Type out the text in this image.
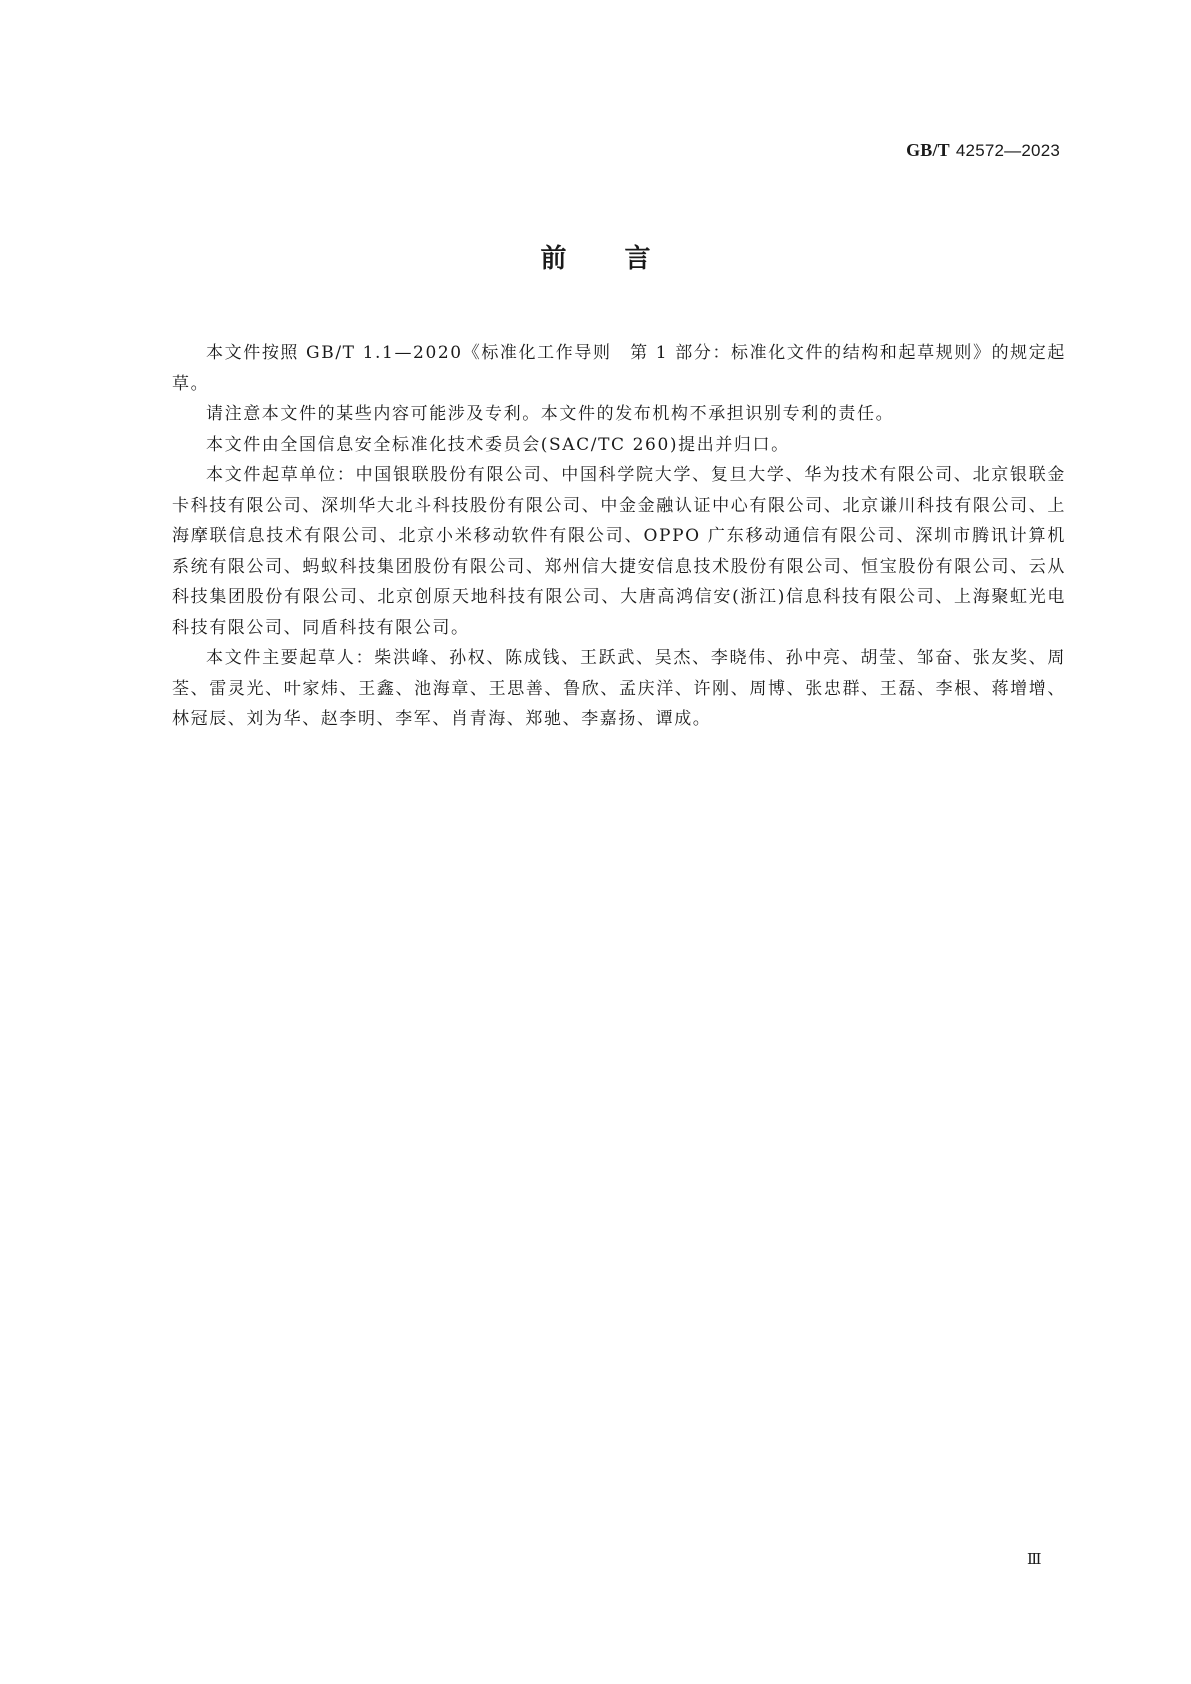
GB/T 42572—2023
前 言

本文件按照 GB/T 1.1—2020《标准化工作导则　第 1 部分：标准化文件的结构和起草规则》的规定起草。

请注意本文件的某些内容可能涉及专利。本文件的发布机构不承担识别专利的责任。

本文件由全国信息安全标准化技术委员会(SAC/TC 260)提出并归口。

本文件起草单位：中国银联股份有限公司、中国科学院大学、复旦大学、华为技术有限公司、北京银联金卡科技有限公司、深圳华大北斗科技股份有限公司、中金金融认证中心有限公司、北京谦川科技有限公司、上海摩联信息技术有限公司、北京小米移动软件有限公司、OPPO 广东移动通信有限公司、深圳市腾讯计算机系统有限公司、蚂蚁科技集团股份有限公司、郑州信大捷安信息技术股份有限公司、恒宝股份有限公司、云从科技集团股份有限公司、北京创原天地科技有限公司、大唐高鸿信安(浙江)信息科技有限公司、上海聚虹光电科技有限公司、同盾科技有限公司。

本文件主要起草人：柴洪峰、孙权、陈成钱、王跃武、吴杰、李晓伟、孙中亮、胡莹、邹奋、张友奖、周荃、雷灵光、叶家炜、王鑫、池海章、王思善、鲁欣、孟庆洋、许刚、周博、张忠群、王磊、李根、蒋增增、林冠辰、刘为华、赵李明、李军、肖青海、郑驰、李嘉扬、谭成。

Ⅲ
